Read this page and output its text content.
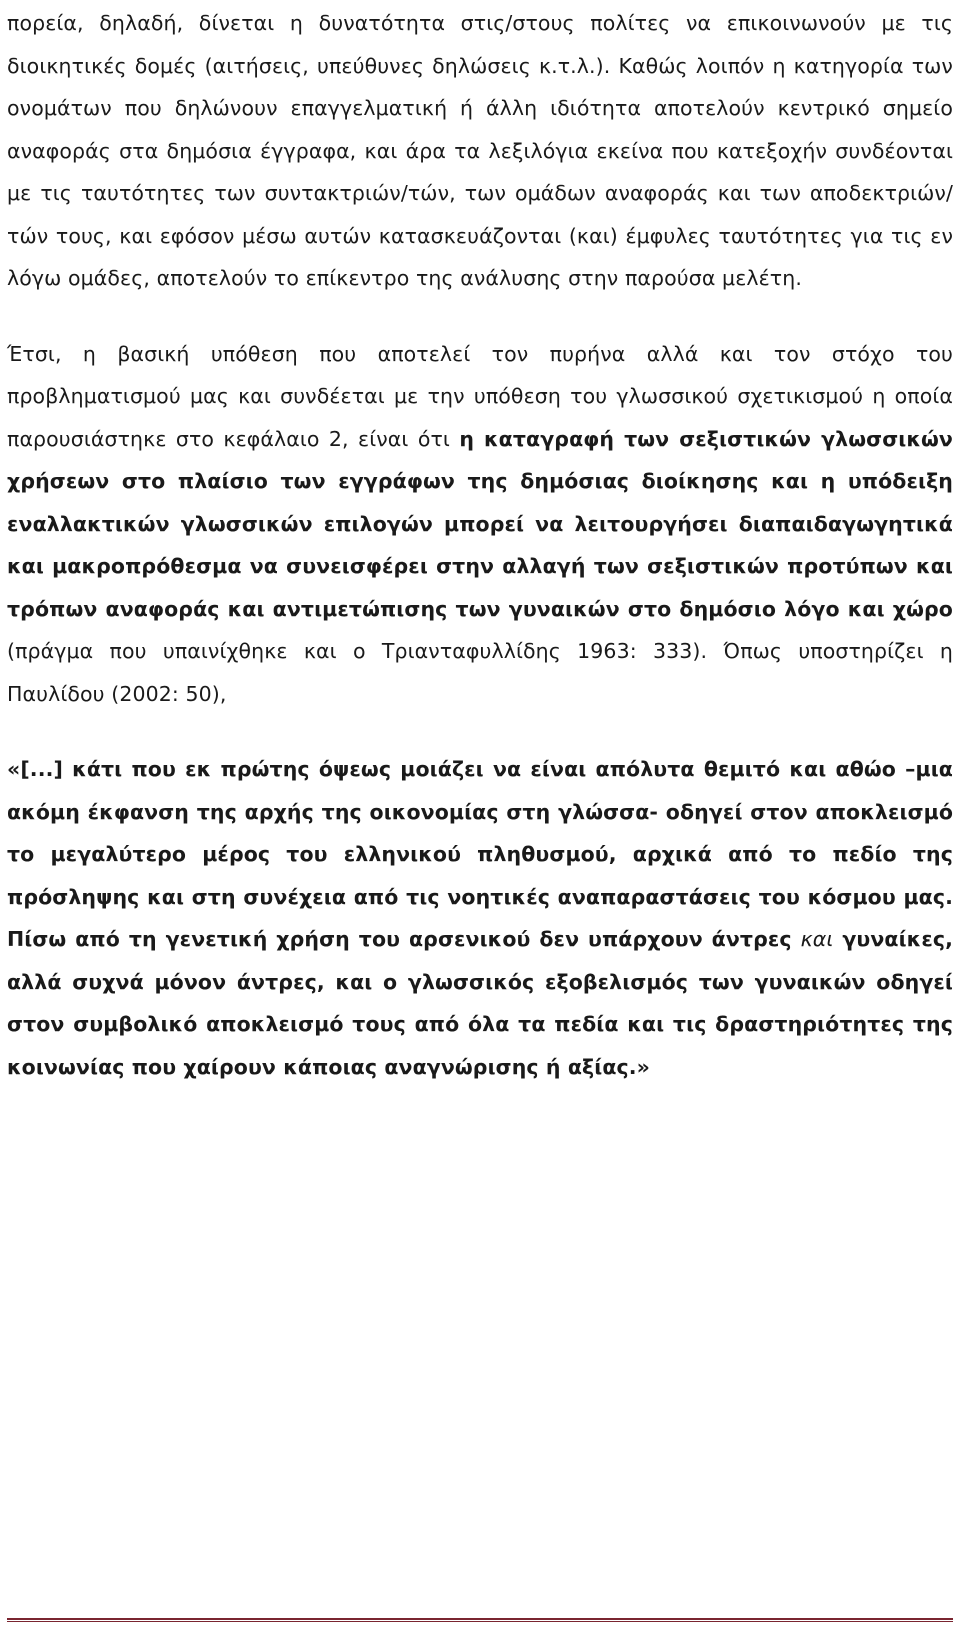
πορεία, δηλαδή, δίνεται η δυνατότητα στις/στους πολίτες να επικοινωνούν με τις διοικητικές δομές (αιτήσεις, υπεύθυνες δηλώσεις κ.τ.λ.). Καθώς λοιπόν η κατηγορία των ονομάτων που δηλώνουν επαγγελματική ή άλλη ιδιότητα αποτελούν κεντρικό σημείο αναφοράς στα δημόσια έγγραφα, και άρα τα λεξιλόγια εκείνα που κατεξοχήν συνδέονται με τις ταυτότητες των συντακτριών/τών, των ομάδων αναφοράς και των αποδεκτριών/τών τους, και εφόσον μέσω αυτών κατασκευάζονται (και) έμφυλες ταυτότητες για τις εν λόγω ομάδες, αποτελούν το επίκεντρο της ανάλυσης στην παρούσα μελέτη.

Έτσι, η βασική υπόθεση που αποτελεί τον πυρήνα αλλά και τον στόχο του προβληματισμού μας και συνδέεται με την υπόθεση του γλωσσικού σχετικισμού η οποία παρουσιάστηκε στο κεφάλαιο 2, είναι ότι η καταγραφή των σεξιστικών γλωσσικών χρήσεων στο πλαίσιο των εγγράφων της δημόσιας διοίκησης και η υπόδειξη εναλλακτικών γλωσσικών επιλογών μπορεί να λειτουργήσει διαπαιδαγωγητικά και μακροπρόθεσμα να συνεισφέρει στην αλλαγή των σεξιστικών προτύπων και τρόπων αναφοράς και αντιμετώπισης των γυναικών στο δημόσιο λόγο και χώρο (πράγμα που υπαινίχθηκε και ο Τριανταφυλλίδης 1963: 333). Όπως υποστηρίζει η Παυλίδου (2002: 50),

«[...] κάτι που εκ πρώτης όψεως μοιάζει να είναι απόλυτα θεμιτό και αθώο –μια ακόμη έκφανση της αρχής της οικονομίας στη γλώσσα- οδηγεί στον αποκλεισμό το μεγαλύτερο μέρος του ελληνικού πληθυσμού, αρχικά από το πεδίο της πρόσληψης και στη συνέχεια από τις νοητικές αναπαραστάσεις του κόσμου μας. Πίσω από τη γενετική χρήση του αρσενικού δεν υπάρχουν άντρες και γυναίκες, αλλά συχνά μόνον άντρες, και ο γλωσσικός εξοβελισμός των γυναικών οδηγεί στον συμβολικό αποκλεισμό τους από όλα τα πεδία και τις δραστηριότητες της κοινωνίας που χαίρουν κάποιας αναγνώρισης ή αξίας.»
